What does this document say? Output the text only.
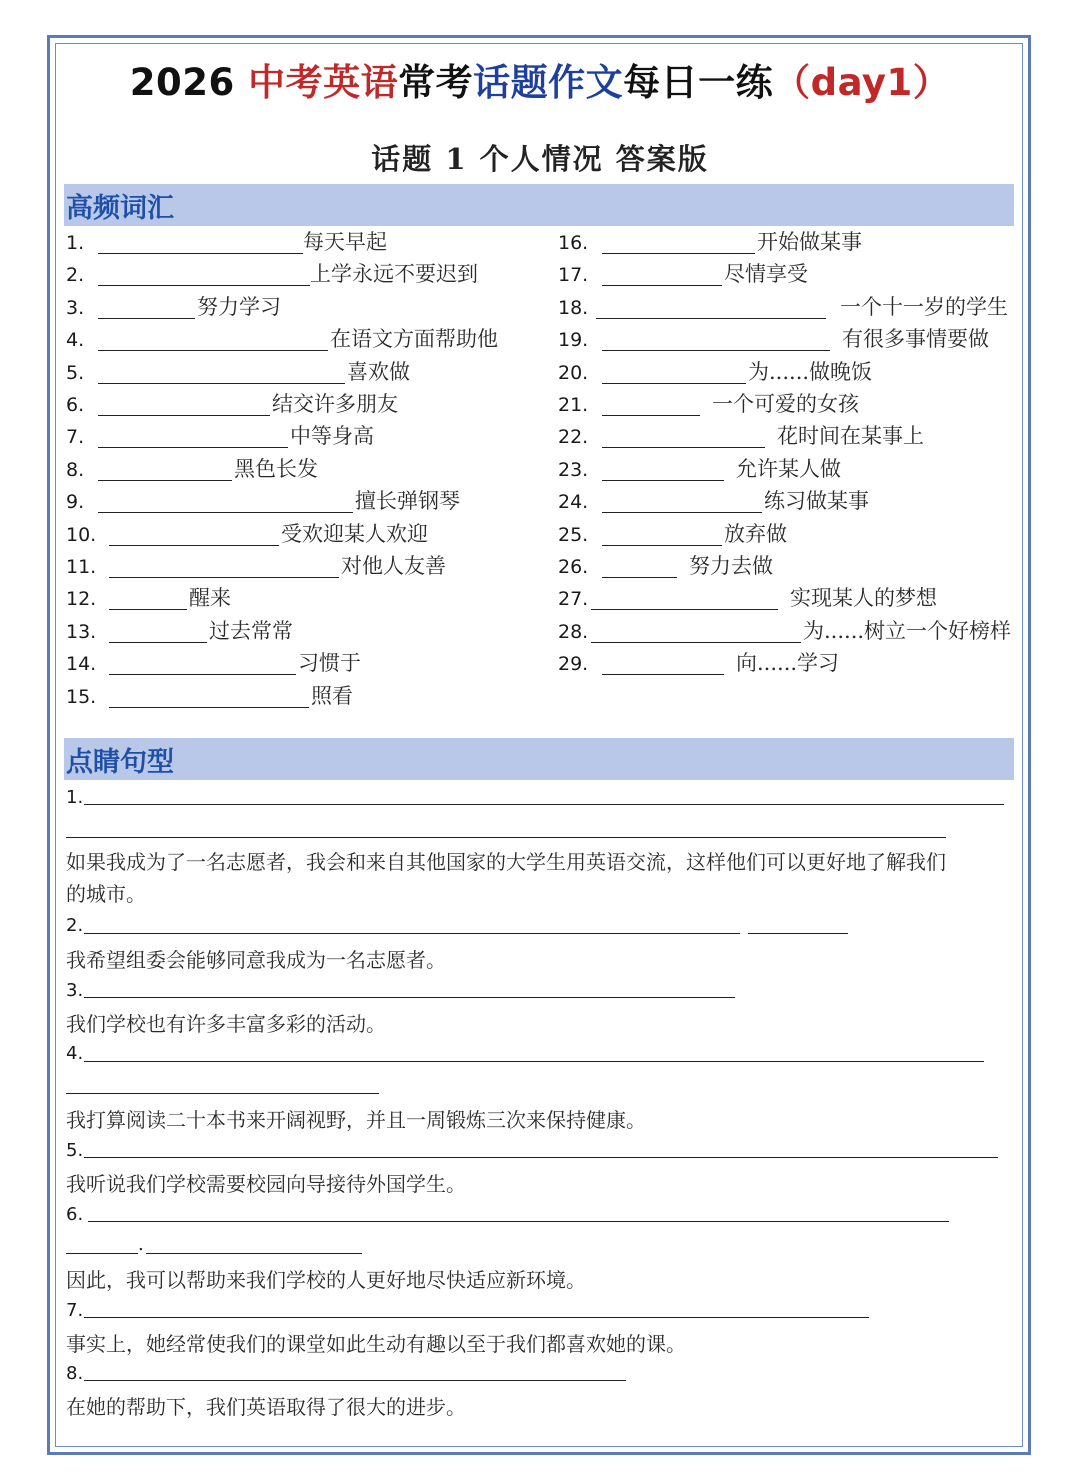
2026 中考英语常考话题作文每日一练（day1）
话题 1 个人情况 答案版
高频词汇
1.	每天早起
2.	上学永远不要迟到
3.	努力学习
4.	在语文方面帮助他
5.	喜欢做
6.	结交许多朋友
7.	中等身高
8.	黑色长发
9.	擅长弹钢琴
10.	受欢迎某人欢迎
11.	对他人友善
12.	醒来
13.	过去常常
14.	习惯于
15.	照看
16.	开始做某事
17.	尽情享受
18.	一个十一岁的学生
19.	有很多事情要做
20.	为......做晚饭
21.	一个可爱的女孩
22.	花时间在某事上
23.	允许某人做
24.	练习做某事
25.	放弃做
26.	努力去做
27.	实现某人的梦想
28.	为......树立一个好榜样
29.	向......学习
点睛句型
1.
如果我成为了一名志愿者，我会和来自其他国家的大学生用英语交流，这样他们可以更好地了解我们
的城市。
2.
我希望组委会能够同意我成为一名志愿者。
3.
我们学校也有许多丰富多彩的活动。
4.
我打算阅读二十本书来开阔视野，并且一周锻炼三次来保持健康。
5.
我听说我们学校需要校园向导接待外国学生。
6.
.
因此，我可以帮助来我们学校的人更好地尽快适应新环境。
7.
事实上，她经常使我们的课堂如此生动有趣以至于我们都喜欢她的课。
8.
在她的帮助下，我们英语取得了很大的进步。
